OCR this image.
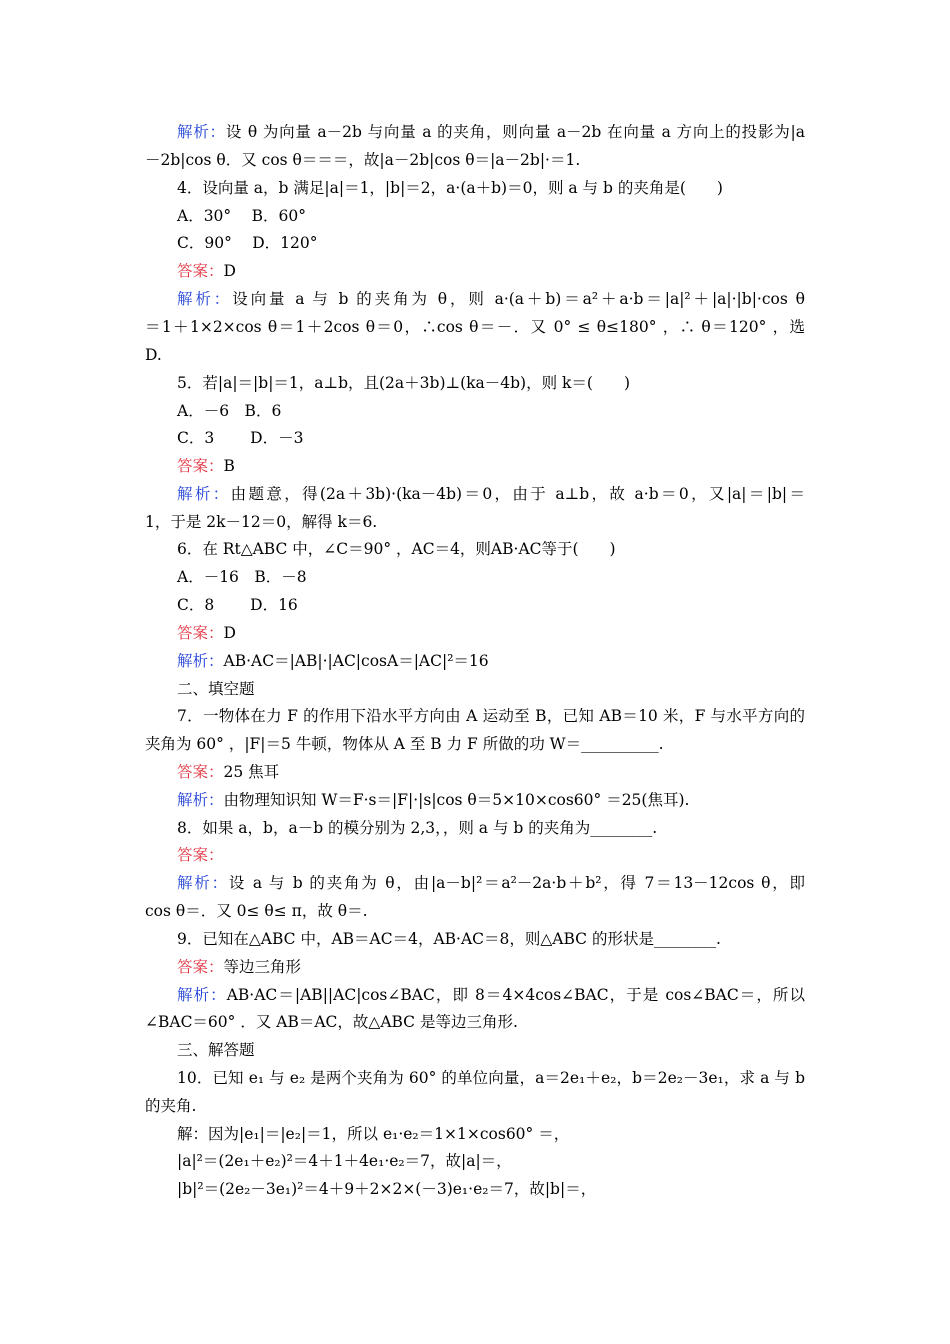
解析：设 θ 为向量 a－2b 与向量 a 的夹角，则向量 a－2b 在向量 a 方向上的投影为|a
－2b|cos θ．又 cos θ＝＝＝，故|a－2b|cos θ＝|a－2b|·＝1.
4．设向量 a，b 满足|a|＝1，|b|＝2，a·(a＋b)＝0，则 a 与 b 的夹角是(　　)
A．30°　 B．60°
C．90°　 D．120°
答案：D
解析：设向量 a 与 b 的夹角为 θ，则 a·(a＋b)＝a²＋a·b＝|a|²＋|a|·|b|·cos θ
＝1＋1×2×cos θ＝1＋2cos θ＝0，∴cos θ＝－．又 0° ≤ θ≤180° ，∴ θ＝120° ，选
D.
5．若|a|＝|b|＝1，a⊥b，且(2a＋3b)⊥(ka－4b)，则 k＝(　　)
A．－6　B．6
C．3　　 D．－3
答案：B
解析：由题意，得(2a＋3b)·(ka－4b)＝0，由于 a⊥b，故 a·b＝0，又|a|＝|b|＝
1，于是 2k－12＝0，解得 k＝6.
6．在 Rt△ABC 中，∠C＝90° ，AC＝4，则AB·AC等于(　　)
A．－16　B．－8
C．8　　 D．16
答案：D
解析：AB·AC＝|AB|·|AC|cosA＝|AC|²＝16
二、填空题
7．一物体在力 F 的作用下沿水平方向由 A 运动至 B，已知 AB＝10 米，F 与水平方向的
夹角为 60° ，|F|＝5 牛顿，物体从 A 至 B 力 F 所做的功 W＝__________.
答案：25 焦耳
解析：由物理知识知 W＝F·s＝|F|·|s|cos θ＝5×10×cos60° ＝25(焦耳).
8．如果 a，b，a－b 的模分别为 2,3，，则 a 与 b 的夹角为________.
答案：
解析：设 a 与 b 的夹角为 θ，由|a－b|²＝a²－2a·b＋b²，得 7＝13－12cos θ，即
cos θ＝．又 0≤ θ≤ π，故 θ＝.
9．已知在△ABC 中，AB＝AC＝4，AB·AC＝8，则△ABC 的形状是________.
答案：等边三角形
解析：AB·AC＝|AB||AC|cos∠BAC，即 8＝4×4cos∠BAC，于是 cos∠BAC＝，所以
∠BAC＝60° ．又 AB＝AC，故△ABC 是等边三角形.
三、解答题
10．已知 e₁ 与 e₂ 是两个夹角为 60° 的单位向量，a＝2e₁＋e₂，b＝2e₂－3e₁，求 a 与 b
的夹角.
解：因为|e₁|＝|e₂|＝1，所以 e₁·e₂＝1×1×cos60° ＝，
|a|²＝(2e₁＋e₂)²＝4＋1＋4e₁·e₂＝7，故|a|＝，
|b|²＝(2e₂－3e₁)²＝4＋9＋2×2×(－3)e₁·e₂＝7，故|b|＝，
